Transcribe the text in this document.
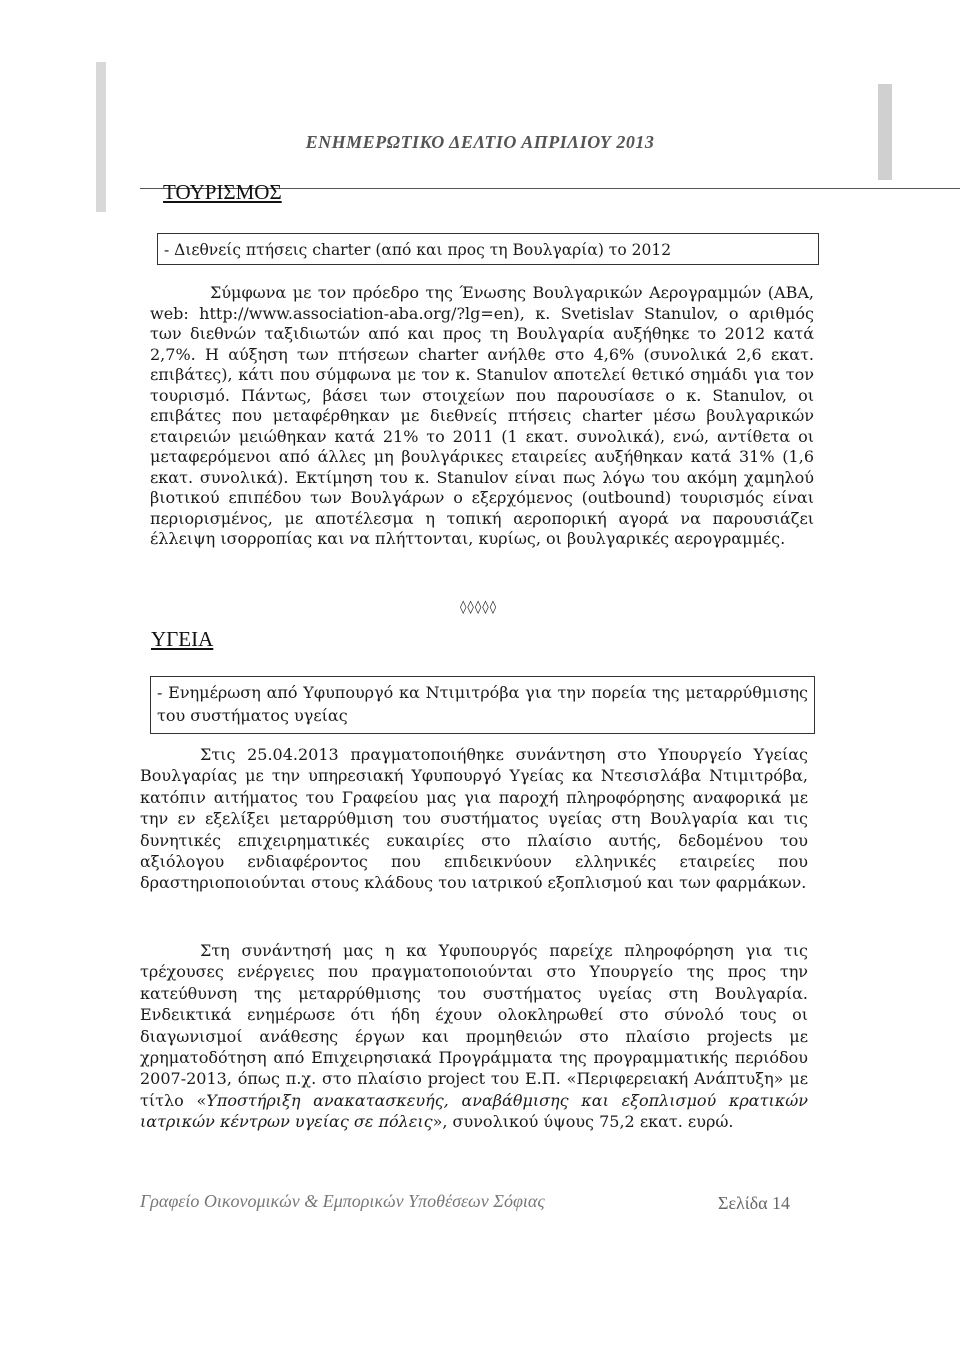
ΕΝΗΜΕΡΩΤΙΚΟ ΔΕΛΤΙΟ ΑΠΡΙΛΙΟΥ 2013
ΤΟΥΡΙΣΜΟΣ
- Διεθνείς πτήσεις charter (από και προς τη Βουλγαρία) το 2012

Σύμφωνα με τον πρόεδρο της Ένωσης Βουλγαρικών Αερογραμμών (ΑΒΑ, web: http://www.association-aba.org/?lg=en), κ. Svetislav Stanulov, ο αριθμός των διεθνών ταξιδιωτών από και προς τη Βουλγαρία αυξήθηκε το 2012 κατά 2,7%. Η αύξηση των πτήσεων charter ανήλθε στο 4,6% (συνολικά 2,6 εκατ. επιβάτες), κάτι που σύμφωνα με τον κ. Stanulov αποτελεί θετικό σημάδι για τον τουρισμό. Πάντως, βάσει των στοιχείων που παρουσίασε ο κ. Stanulov, οι επιβάτες που μεταφέρθηκαν με διεθνείς πτήσεις charter μέσω βουλγαρικών εταιρειών μειώθηκαν κατά 21% το 2011 (1 εκατ. συνολικά), ενώ, αντίθετα οι μεταφερόμενοι από άλλες μη βουλγάρικες εταιρείες αυξήθηκαν κατά 31% (1,6 εκατ. συνολικά). Εκτίμηση του κ. Stanulov είναι πως λόγω του ακόμη χαμηλού βιοτικού επιπέδου των Βουλγάρων ο εξερχόμενος (outbound) τουρισμός είναι περιορισμένος, με αποτέλεσμα η τοπική αεροπορική αγορά να παρουσιάζει έλλειψη ισορροπίας και να πλήττονται, κυρίως, οι βουλγαρικές αερογραμμές.

◊◊◊◊◊
ΥΓΕΙΑ
- Ενημέρωση από Υφυπουργό κα Ντιμιτρόβα για την πορεία της μεταρρύθμισης του συστήματος υγείας

Στις 25.04.2013 πραγματοποιήθηκε συνάντηση στο Υπουργείο Υγείας Βουλγαρίας με την υπηρεσιακή Υφυπουργό Υγείας κα Ντεσισλάβα Ντιμιτρόβα, κατόπιν αιτήματος του Γραφείου μας για παροχή πληροφόρησης αναφορικά με την εν εξελίξει μεταρρύθμιση του συστήματος υγείας στη Βουλγαρία και τις δυνητικές επιχειρηματικές ευκαιρίες στο πλαίσιο αυτής, δεδομένου του αξιόλογου ενδιαφέροντος που επιδεικνύουν ελληνικές εταιρείες που δραστηριοποιούνται στους κλάδους του ιατρικού εξοπλισμού και των φαρμάκων.

Στη συνάντησή μας η κα Υφυπουργός παρείχε πληροφόρηση για τις τρέχουσες ενέργειες που πραγματοποιούνται στο Υπουργείο της προς την κατεύθυνση της μεταρρύθμισης του συστήματος υγείας στη Βουλγαρία. Ενδεικτικά ενημέρωσε ότι ήδη έχουν ολοκληρωθεί στο σύνολό τους οι διαγωνισμοί ανάθεσης έργων και προμηθειών στο πλαίσιο projects με χρηματοδότηση από Επιχειρησιακά Προγράμματα της προγραμματικής περιόδου 2007-2013, όπως π.χ. στο πλαίσιο project του Ε.Π. «Περιφερειακή Ανάπτυξη» με τίτλο «Υποστήριξη ανακατασκευής, αναβάθμισης και εξοπλισμού κρατικών ιατρικών κέντρων υγείας σε πόλεις», συνολικού ύψους 75,2 εκατ. ευρώ.

Γραφείο Οικονομικών & Εμπορικών Υποθέσεων Σόφιας	Σελίδα 14
